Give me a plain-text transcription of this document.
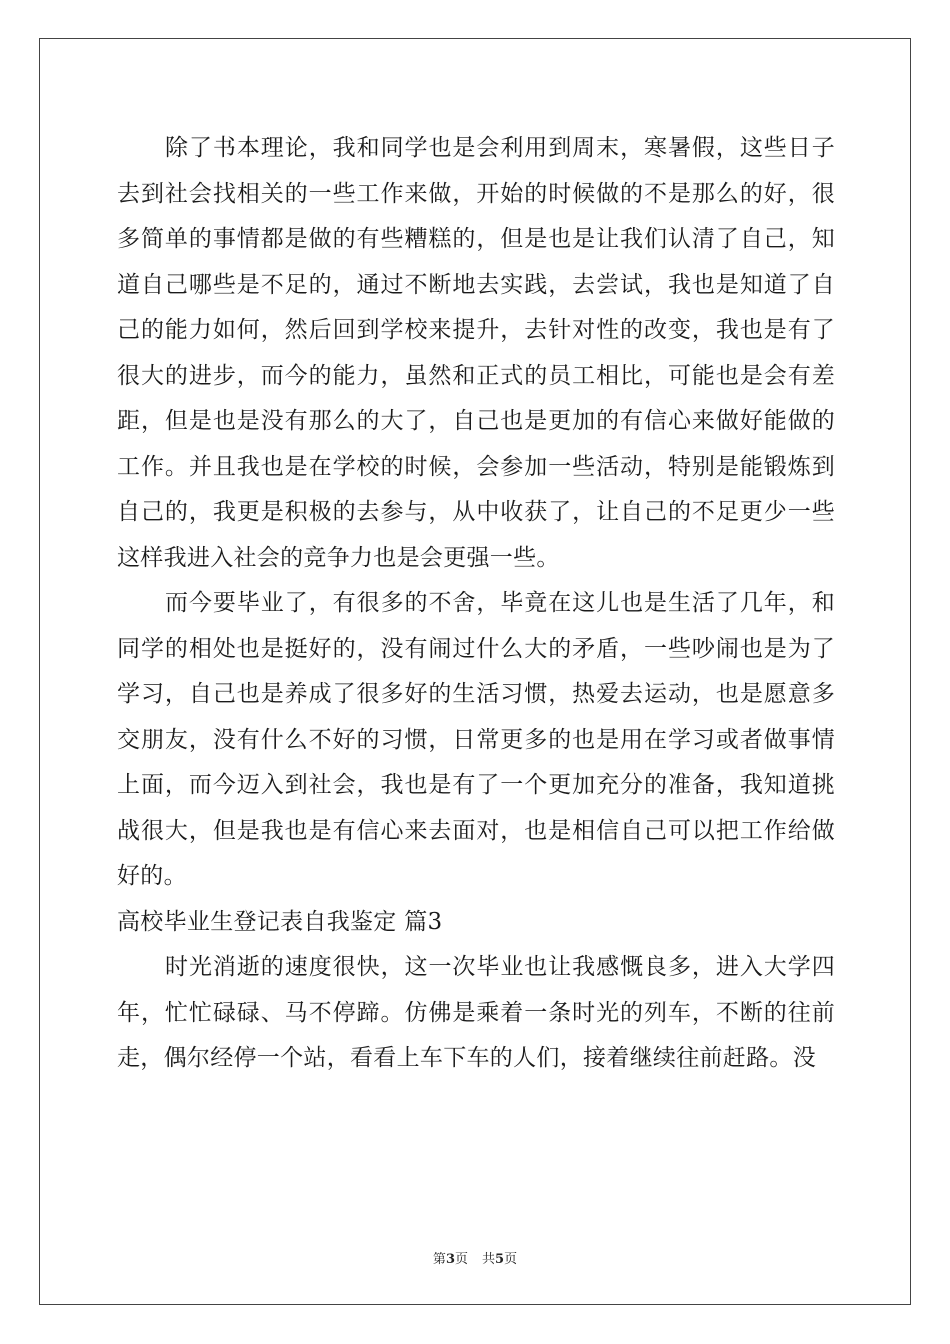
除了书本理论，我和同学也是会利用到周末，寒暑假，这些日子去到社会找相关的一些工作来做，开始的时候做的不是那么的好，很多简单的事情都是做的有些糟糕的，但是也是让我们认清了自己，知道自己哪些是不足的，通过不断地去实践，去尝试，我也是知道了自己的能力如何，然后回到学校来提升，去针对性的改变，我也是有了很大的进步，而今的能力，虽然和正式的员工相比，可能也是会有差距，但是也是没有那么的大了，自己也是更加的有信心来做好能做的工作。并且我也是在学校的时候，会参加一些活动，特别是能锻炼到自己的，我更是积极的去参与，从中收获了，让自己的不足更少一些这样我进入社会的竞争力也是会更强一些。

而今要毕业了，有很多的不舍，毕竟在这儿也是生活了几年，和同学的相处也是挺好的，没有闹过什么大的矛盾，一些吵闹也是为了学习，自己也是养成了很多好的生活习惯，热爱去运动，也是愿意多交朋友，没有什么不好的习惯，日常更多的也是用在学习或者做事情上面，而今迈入到社会，我也是有了一个更加充分的准备，我知道挑战很大，但是我也是有信心来去面对，也是相信自己可以把工作给做好的。

高校毕业生登记表自我鉴定 篇3

时光消逝的速度很快，这一次毕业也让我感慨良多，进入大学四年，忙忙碌碌、马不停蹄。仿佛是乘着一条时光的列车，不断的往前走，偶尔经停一个站，看看上车下车的人们，接着继续往前赶路。没

第3页 共5页
